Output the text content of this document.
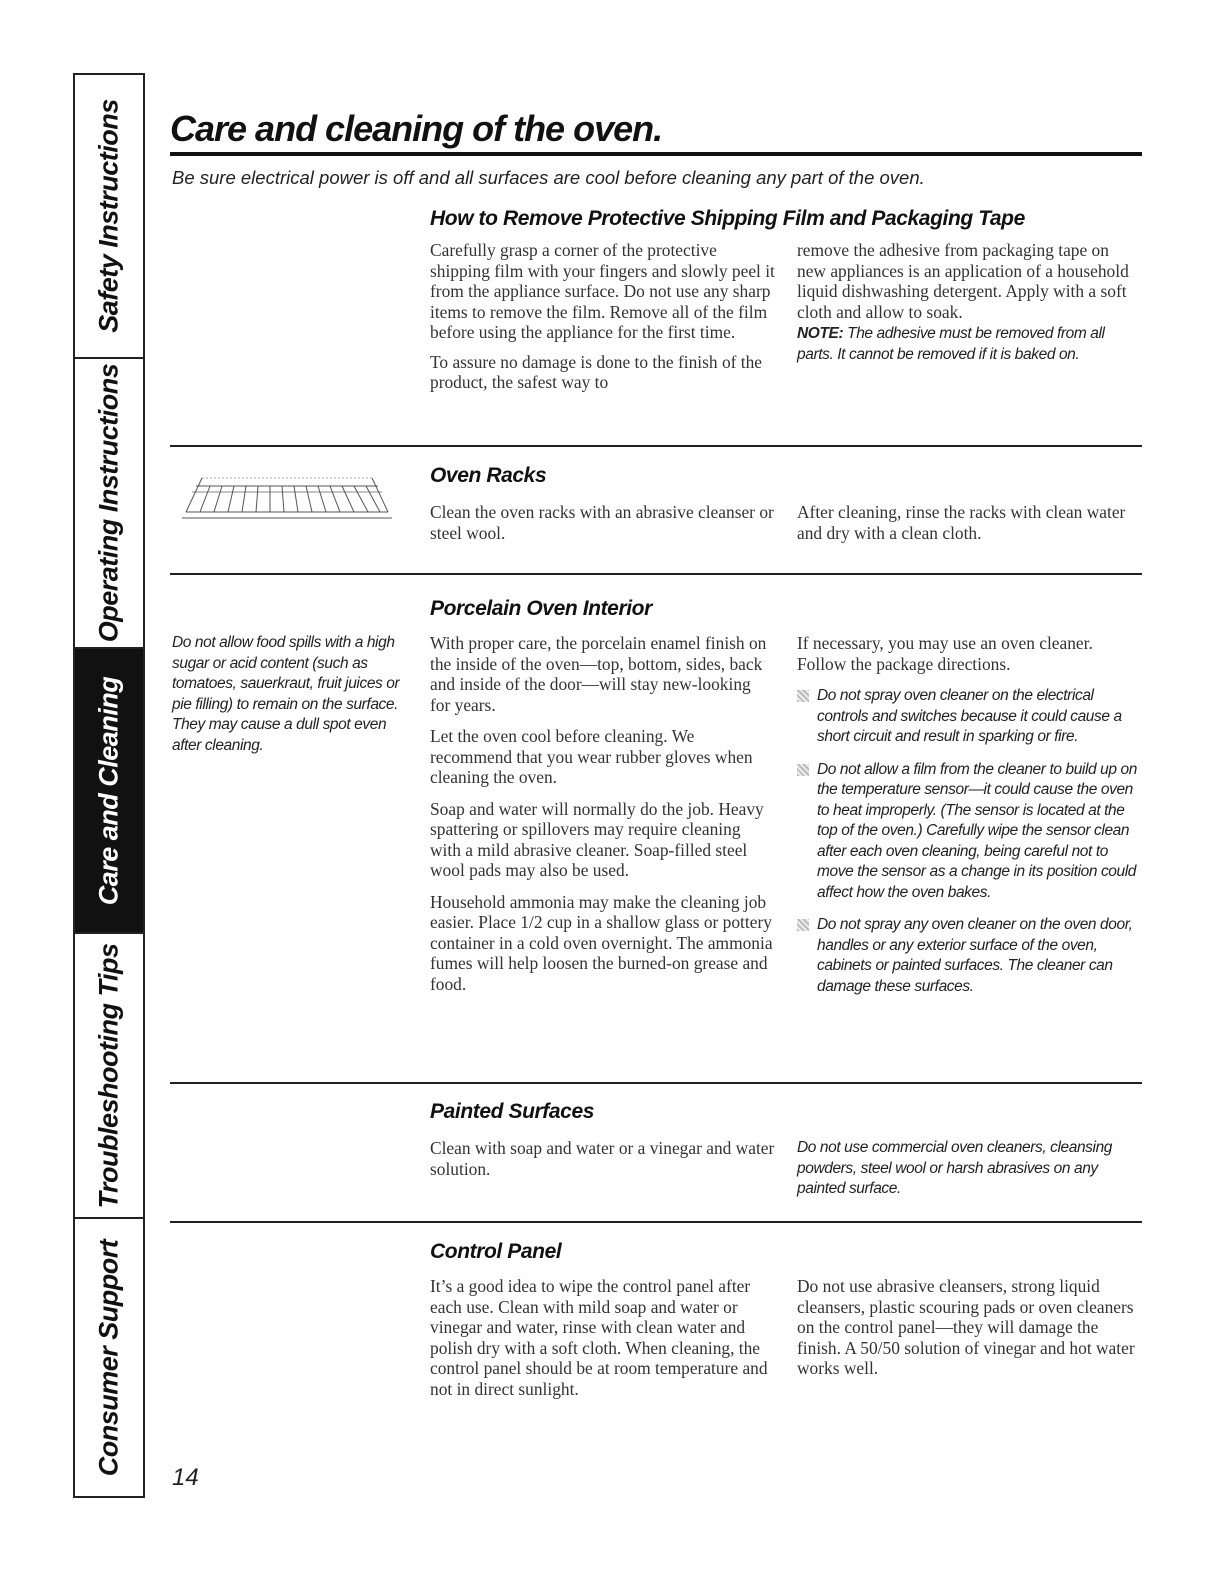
Safety Instructions
Operating Instructions
Care and Cleaning
Troubleshooting Tips
Consumer Support
Care and cleaning of the oven.
Be sure electrical power is off and all surfaces are cool before cleaning any part of the oven.
How to Remove Protective Shipping Film and Packaging Tape

Carefully grasp a corner of the protective shipping film with your fingers and slowly peel it from the appliance surface. Do not use any sharp items to remove the film. Remove all of the film before using the appliance for the first time.

To assure no damage is done to the finish of the product, the safest way to

remove the adhesive from packaging tape on new appliances is an application of a household liquid dishwashing detergent. Apply with a soft cloth and allow to soak.

NOTE: The adhesive must be removed from all parts. It cannot be removed if it is baked on.
Oven Racks

Clean the oven racks with an abrasive cleanser or steel wool.

After cleaning, rinse the racks with clean water and dry with a clean cloth.

Porcelain Oven Interior
Do not allow food spills with a high sugar or acid content (such as tomatoes, sauerkraut, fruit juices or pie filling) to remain on the surface. They may cause a dull spot even after cleaning.

With proper care, the porcelain enamel finish on the inside of the oven—top, bottom, sides, back and inside of the door—will stay new-looking for years.

Let the oven cool before cleaning. We recommend that you wear rubber gloves when cleaning the oven.

Soap and water will normally do the job. Heavy spattering or spillovers may require cleaning with a mild abrasive cleaner. Soap-filled steel wool pads may also be used.

Household ammonia may make the cleaning job easier. Place 1/2 cup in a shallow glass or pottery container in a cold oven overnight. The ammonia fumes will help loosen the burned-on grease and food.

If necessary, you may use an oven cleaner. Follow the package directions.

Do not spray oven cleaner on the electrical controls and switches because it could cause a short circuit and result in sparking or fire.
Do not allow a film from the cleaner to build up on the temperature sensor—it could cause the oven to heat improperly. (The sensor is located at the top of the oven.) Carefully wipe the sensor clean after each oven cleaning, being careful not to move the sensor as a change in its position could affect how the oven bakes.
Do not spray any oven cleaner on the oven door, handles or any exterior surface of the oven, cabinets or painted surfaces. The cleaner can damage these surfaces.
Painted Surfaces

Clean with soap and water or a vinegar and water solution.

Do not use commercial oven cleaners, cleansing powders, steel wool or harsh abrasives on any painted surface.
Control Panel

It’s a good idea to wipe the control panel after each use. Clean with mild soap and water or vinegar and water, rinse with clean water and polish dry with a soft cloth. When cleaning, the control panel should be at room temperature and not in direct sunlight.

Do not use abrasive cleansers, strong liquid cleansers, plastic scouring pads or oven cleaners on the control panel—they will damage the finish. A 50/50 solution of vinegar and hot water works well.

14
